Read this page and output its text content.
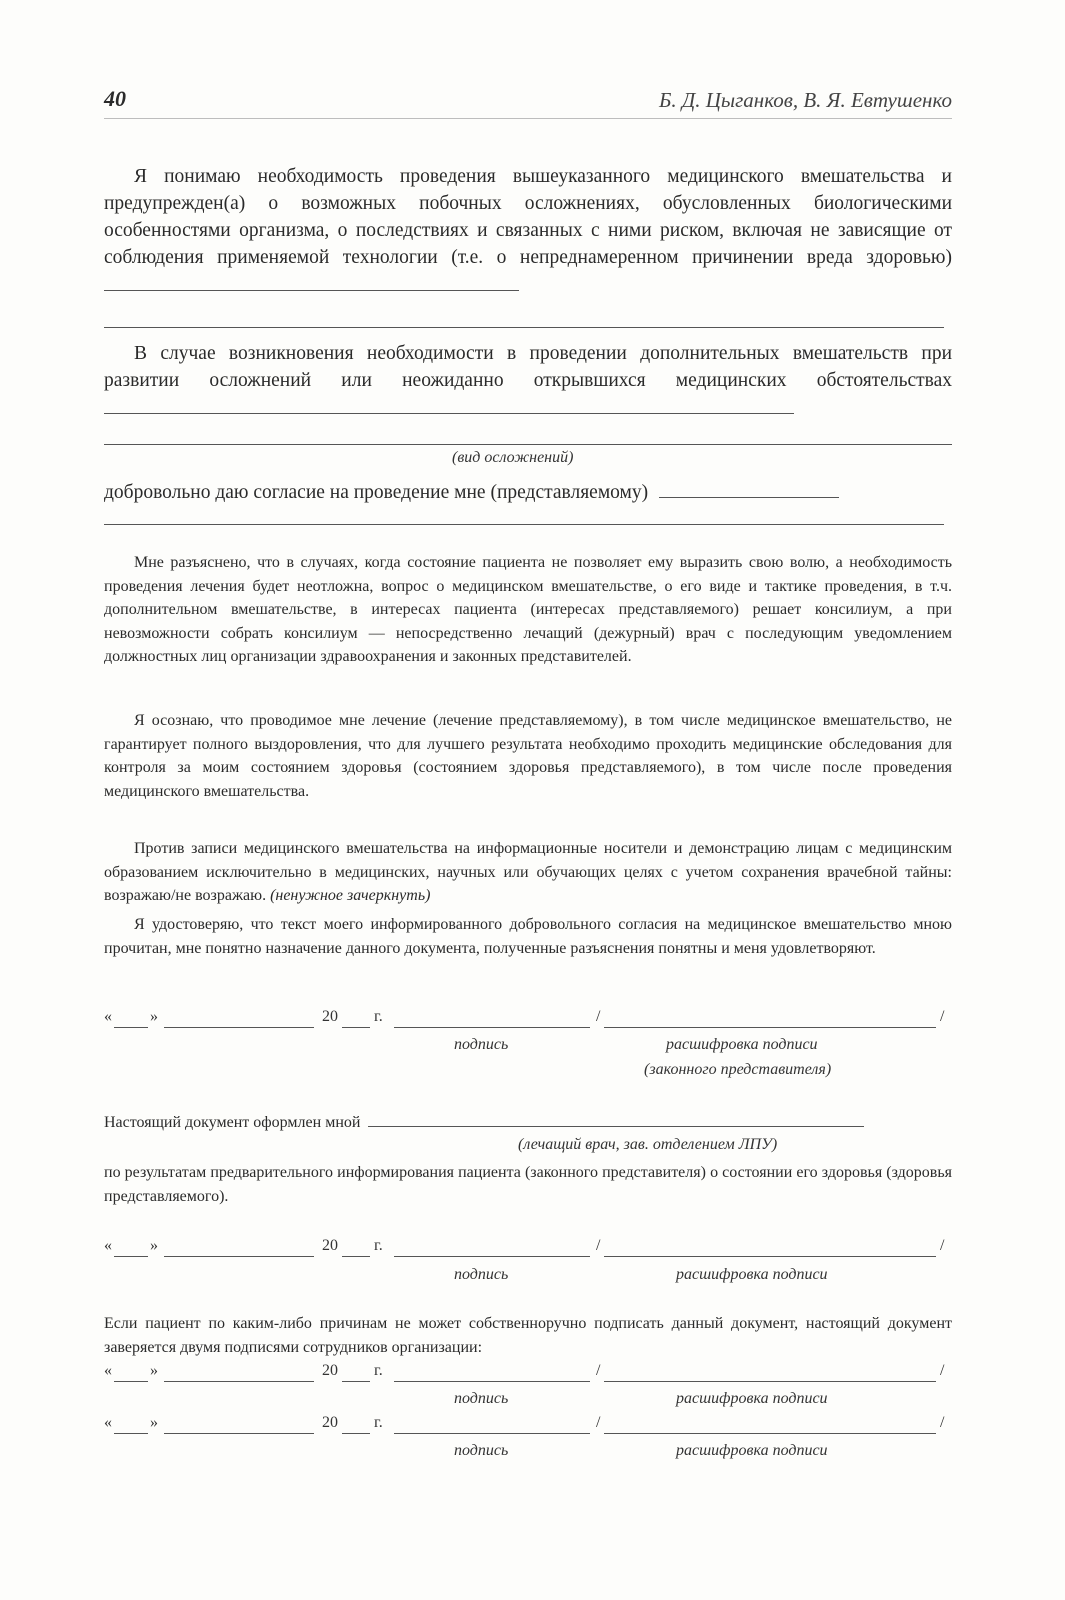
40	Б. Д. Цыганков, В. Я. Евтушенко
Я понимаю необходимость проведения вышеуказанного медицинского вмешательства и предупрежден(а) о возможных побочных осложнениях, обусловленных биологическими особенностями организма, о последствиях и связанных с ними риском, включая не зависящие от соблюдения применяемой технологии (т.е. о непреднамеренном причинении вреда здоровью)
В случае возникновения необходимости в проведении дополнительных вмешательств при развитии осложнений или неожиданно открывшихся медицинских обстоятельствах
(вид осложнений)
добровольно даю согласие на проведение мне (представляемому)
Мне разъяснено, что в случаях, когда состояние пациента не позволяет ему выразить свою волю, а необходимость проведения лечения будет неотложна, вопрос о медицинском вмешательстве, о его виде и тактике проведения, в т.ч. дополнительном вмешательстве, в интересах пациента (интересах представляемого) решает консилиум, а при невозможности собрать консилиум — непосредственно лечащий (дежурный) врач с последующим уведомлением должностных лиц организации здравоохранения и законных представителей.
Я осознаю, что проводимое мне лечение (лечение представляемому), в том числе медицинское вмешательство, не гарантирует полного выздоровления, что для лучшего результата необходимо проходить медицинские обследования для контроля за моим состоянием здоровья (состоянием здоровья представляемого), в том числе после проведения медицинского вмешательства.
Против записи медицинского вмешательства на информационные носители и демонстрацию лицам с медицинским образованием исключительно в медицинских, научных или обучающих целях с учетом сохранения врачебной тайны: возражаю/не возражаю. (ненужное зачеркнуть)
Я удостоверяю, что текст моего информированного добровольного согласия на медицинское вмешательство мною прочитан, мне понятно назначение данного документа, полученные разъяснения понятны и меня удовлетворяют.
« »	20 г.	/	/
подпись	расшифровка подписи
(законного представителя)
Настоящий документ оформлен мной
(лечащий врач, зав. отделением ЛПУ)
по результатам предварительного информирования пациента (законного представителя) о состоянии его здоровья (здоровья представляемого).
« »	20 г.	/	/
подпись	расшифровка подписи
Если пациент по каким-либо причинам не может собственноручно подписать данный документ, настоящий документ заверяется двумя подписями сотрудников организации:
« »	20 г.	/	/
подпись	расшифровка подписи
« »	20 г.	/	/
подпись	расшифровка подписи
